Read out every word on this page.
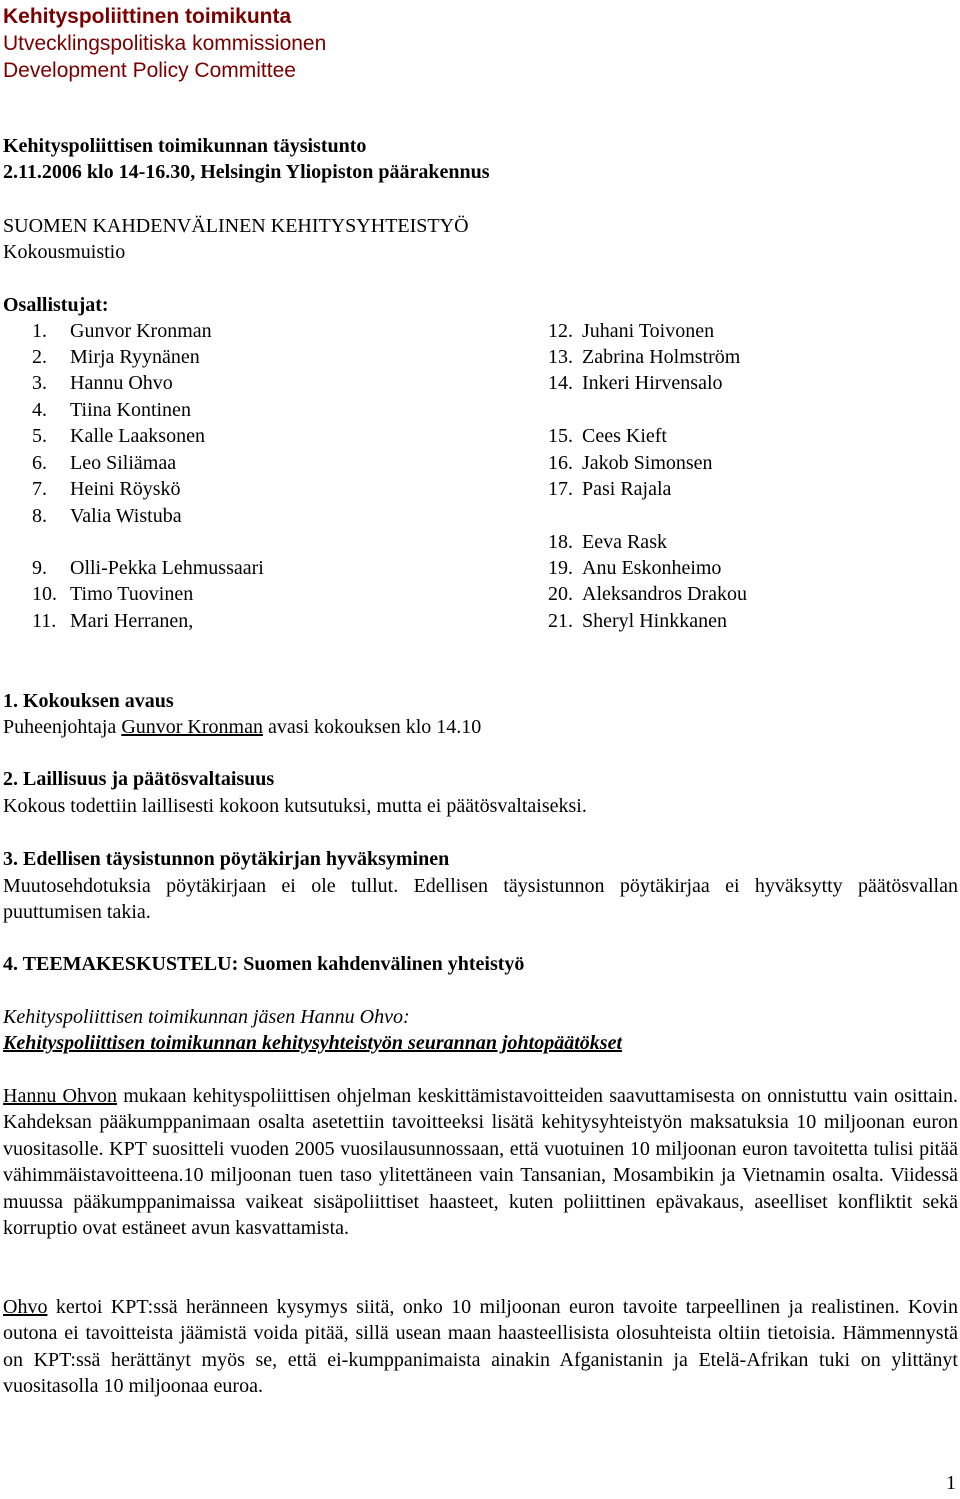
Kehityspoliittinen toimikunta
Utvecklingspolitiska kommissionen
Development Policy Committee
Kehityspoliittisen toimikunnan täysistunto
2.11.2006 klo 14-16.30, Helsingin Yliopiston päärakennus
SUOMEN KAHDENVÄLINEN KEHITYSYHTEISTYÖ
Kokousmuistio
Osallistujat:
1. Gunvor Kronman
2. Mirja Ryynänen
3. Hannu Ohvo
4. Tiina Kontinen
5. Kalle Laaksonen
6. Leo Siliämaa
7. Heini Röyskö
8. Valia Wistuba
9. Olli-Pekka Lehmussaari
10. Timo Tuovinen
11. Mari Herranen,
12. Juhani Toivonen
13. Zabrina Holmström
14. Inkeri Hirvensalo
15. Cees Kieft
16. Jakob Simonsen
17. Pasi Rajala
18. Eeva Rask
19. Anu Eskonheimo
20. Aleksandros Drakou
21. Sheryl Hinkkanen
1. Kokouksen avaus
Puheenjohtaja Gunvor Kronman avasi kokouksen klo 14.10
2. Laillisuus ja päätösvaltaisuus
Kokous todettiin laillisesti kokoon kutsutuksi, mutta ei päätösvaltaiseksi.
3. Edellisen täysistunnon pöytäkirjan hyväksyminen
Muutosehdotuksia pöytäkirjaan ei ole tullut. Edellisen täysistunnon pöytäkirjaa ei hyväksytty päätösvallan puuttumisen takia.
4. TEEMAKESKUSTELU: Suomen kahdenvälinen yhteistyö
Kehityspoliittisen toimikunnan jäsen Hannu Ohvo:
Kehityspoliittisen toimikunnan kehitysyhteistyön seurannan johtopäätökset
Hannu Ohvon mukaan kehityspoliittisen ohjelman keskittämistavoitteiden saavuttamisesta on onnistuttu vain osittain. Kahdeksan pääkumppanimaan osalta asetettiin tavoitteeksi lisätä kehitysyhteistyön maksatuksia 10 miljoonan euron vuositasolle. KPT suositteli vuoden 2005 vuosilausunnossaan, että vuotuinen 10 miljoonan euron tavoitetta tulisi pitää vähimmäistavoitteena.10 miljoonan tuen taso ylitettäneen vain Tansanian, Mosambikin ja Vietnamin osalta. Viidessä muussa pääkumppanimaissa vaikeat sisäpoliittiset haasteet, kuten poliittinen epävakaus, aseelliset konfliktit sekä korruptio ovat estäneet avun kasvattamista.
Ohvo kertoi KPT:ssä heränneen kysymys siitä, onko 10 miljoonan euron tavoite tarpeellinen ja realistinen. Kovin outona ei tavoitteista jäämistä voida pitää, sillä usean maan haasteellisista olosuhteista oltiin tietoisia. Hämmennystä on KPT:ssä herättänyt myös se, että ei-kumppanimaista ainakin Afganistanin ja Etelä-Afrikan tuki on ylittänyt vuositasolla 10 miljoonaa euroa.
1
